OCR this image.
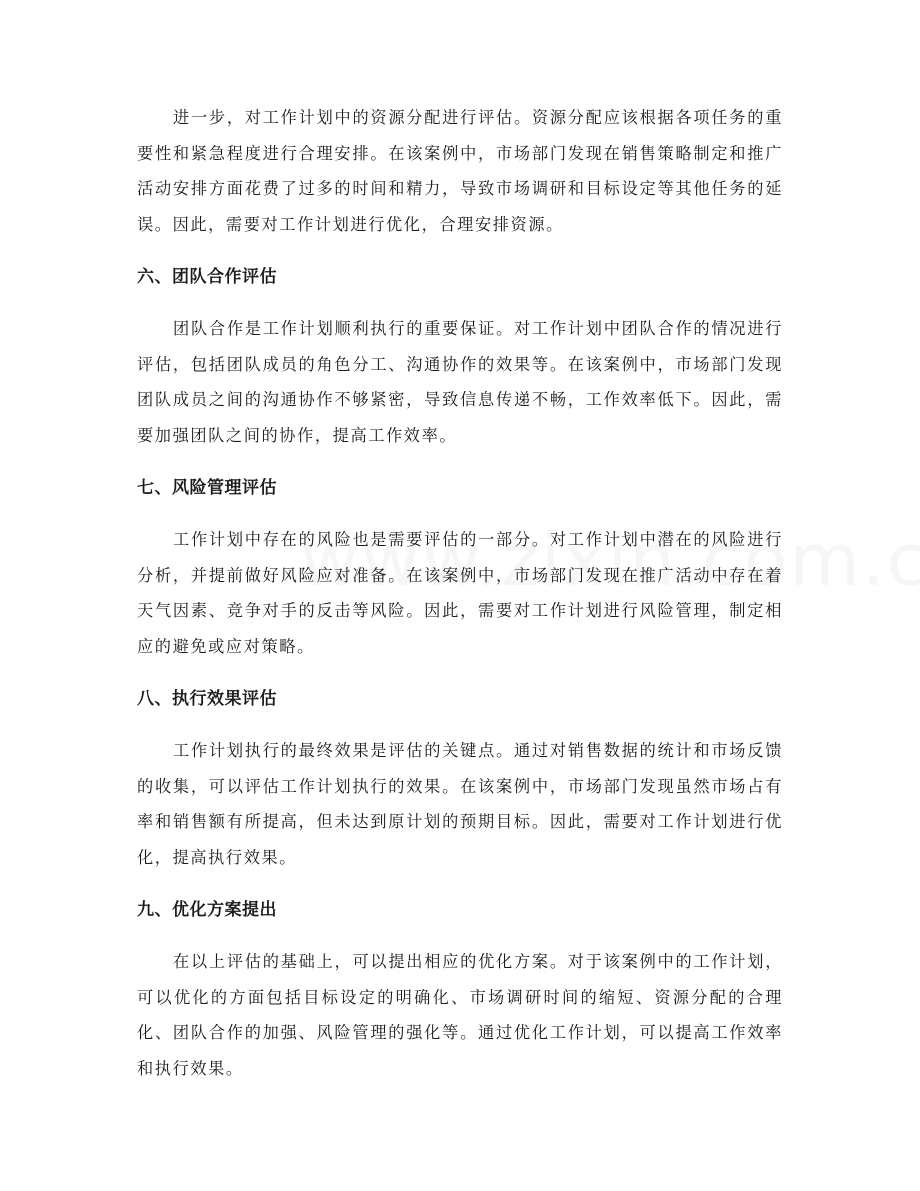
进一步，对工作计划中的资源分配进行评估。资源分配应该根据各项任务的重要性和紧急程度进行合理安排。在该案例中，市场部门发现在销售策略制定和推广活动安排方面花费了过多的时间和精力，导致市场调研和目标设定等其他任务的延误。因此，需要对工作计划进行优化，合理安排资源。

六、团队合作评估

团队合作是工作计划顺利执行的重要保证。对工作计划中团队合作的情况进行评估，包括团队成员的角色分工、沟通协作的效果等。在该案例中，市场部门发现团队成员之间的沟通协作不够紧密，导致信息传递不畅，工作效率低下。因此，需要加强团队之间的协作，提高工作效率。

七、风险管理评估

工作计划中存在的风险也是需要评估的一部分。对工作计划中潜在的风险进行分析，并提前做好风险应对准备。在该案例中，市场部门发现在推广活动中存在着天气因素、竞争对手的反击等风险。因此，需要对工作计划进行风险管理，制定相应的避免或应对策略。

八、执行效果评估

工作计划执行的最终效果是评估的关键点。通过对销售数据的统计和市场反馈的收集，可以评估工作计划执行的效果。在该案例中，市场部门发现虽然市场占有率和销售额有所提高，但未达到原计划的预期目标。因此，需要对工作计划进行优化，提高执行效果。

九、优化方案提出

在以上评估的基础上，可以提出相应的优化方案。对于该案例中的工作计划，可以优化的方面包括目标设定的明确化、市场调研时间的缩短、资源分配的合理化、团队合作的加强、风险管理的强化等。通过优化工作计划，可以提高工作效率和执行效果。
